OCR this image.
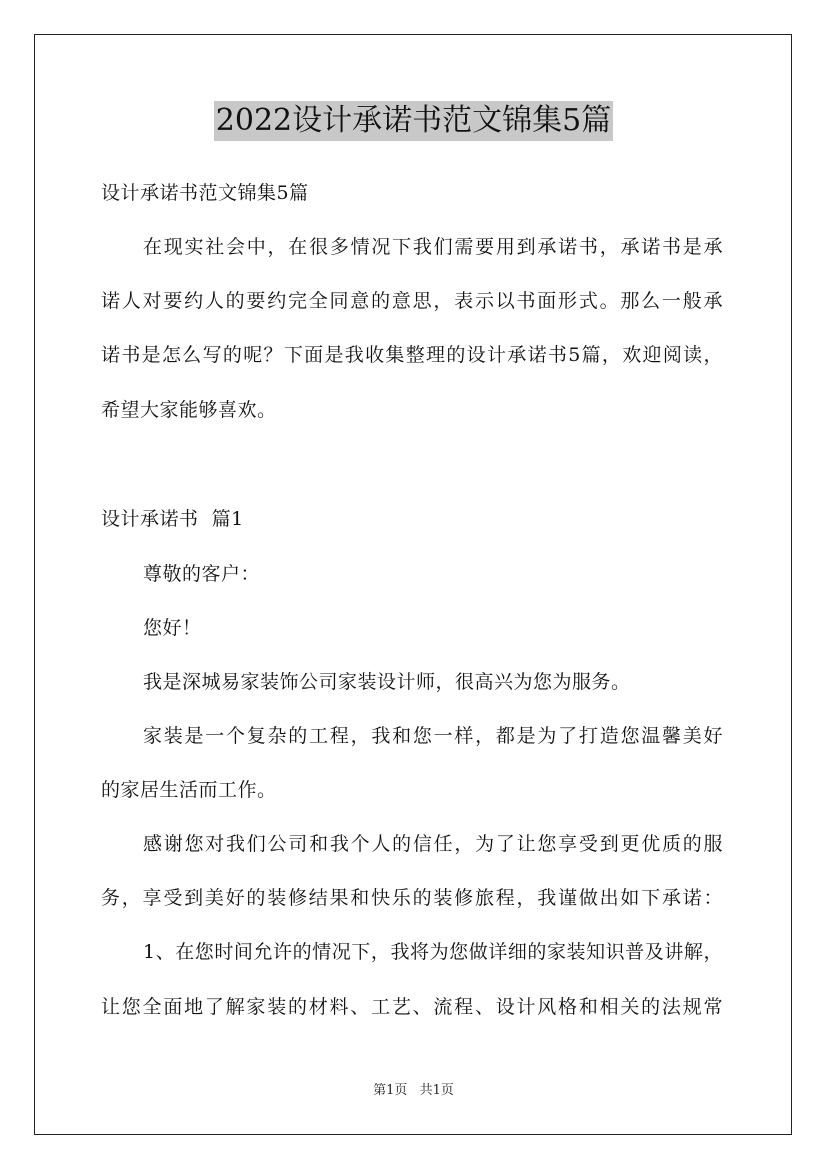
2022设计承诺书范文锦集5篇
设计承诺书范文锦集5篇
在现实社会中，在很多情况下我们需要用到承诺书，承诺书是承
诺人对要约人的要约完全同意的意思，表示以书面形式。那么一般承
诺书是怎么写的呢？下面是我收集整理的设计承诺书5篇，欢迎阅读，
希望大家能够喜欢。
设计承诺书  篇1
尊敬的客户：
您好！
我是深城易家装饰公司家装设计师，很高兴为您为服务。
家装是一个复杂的工程，我和您一样，都是为了打造您温馨美好
的家居生活而工作。
感谢您对我们公司和我个人的信任，为了让您享受到更优质的服
务，享受到美好的装修结果和快乐的装修旅程，我谨做出如下承诺：
1、在您时间允许的情况下，我将为您做详细的家装知识普及讲解，
让您全面地了解家装的材料、工艺、流程、设计风格和相关的法规常
第1页 共1页
